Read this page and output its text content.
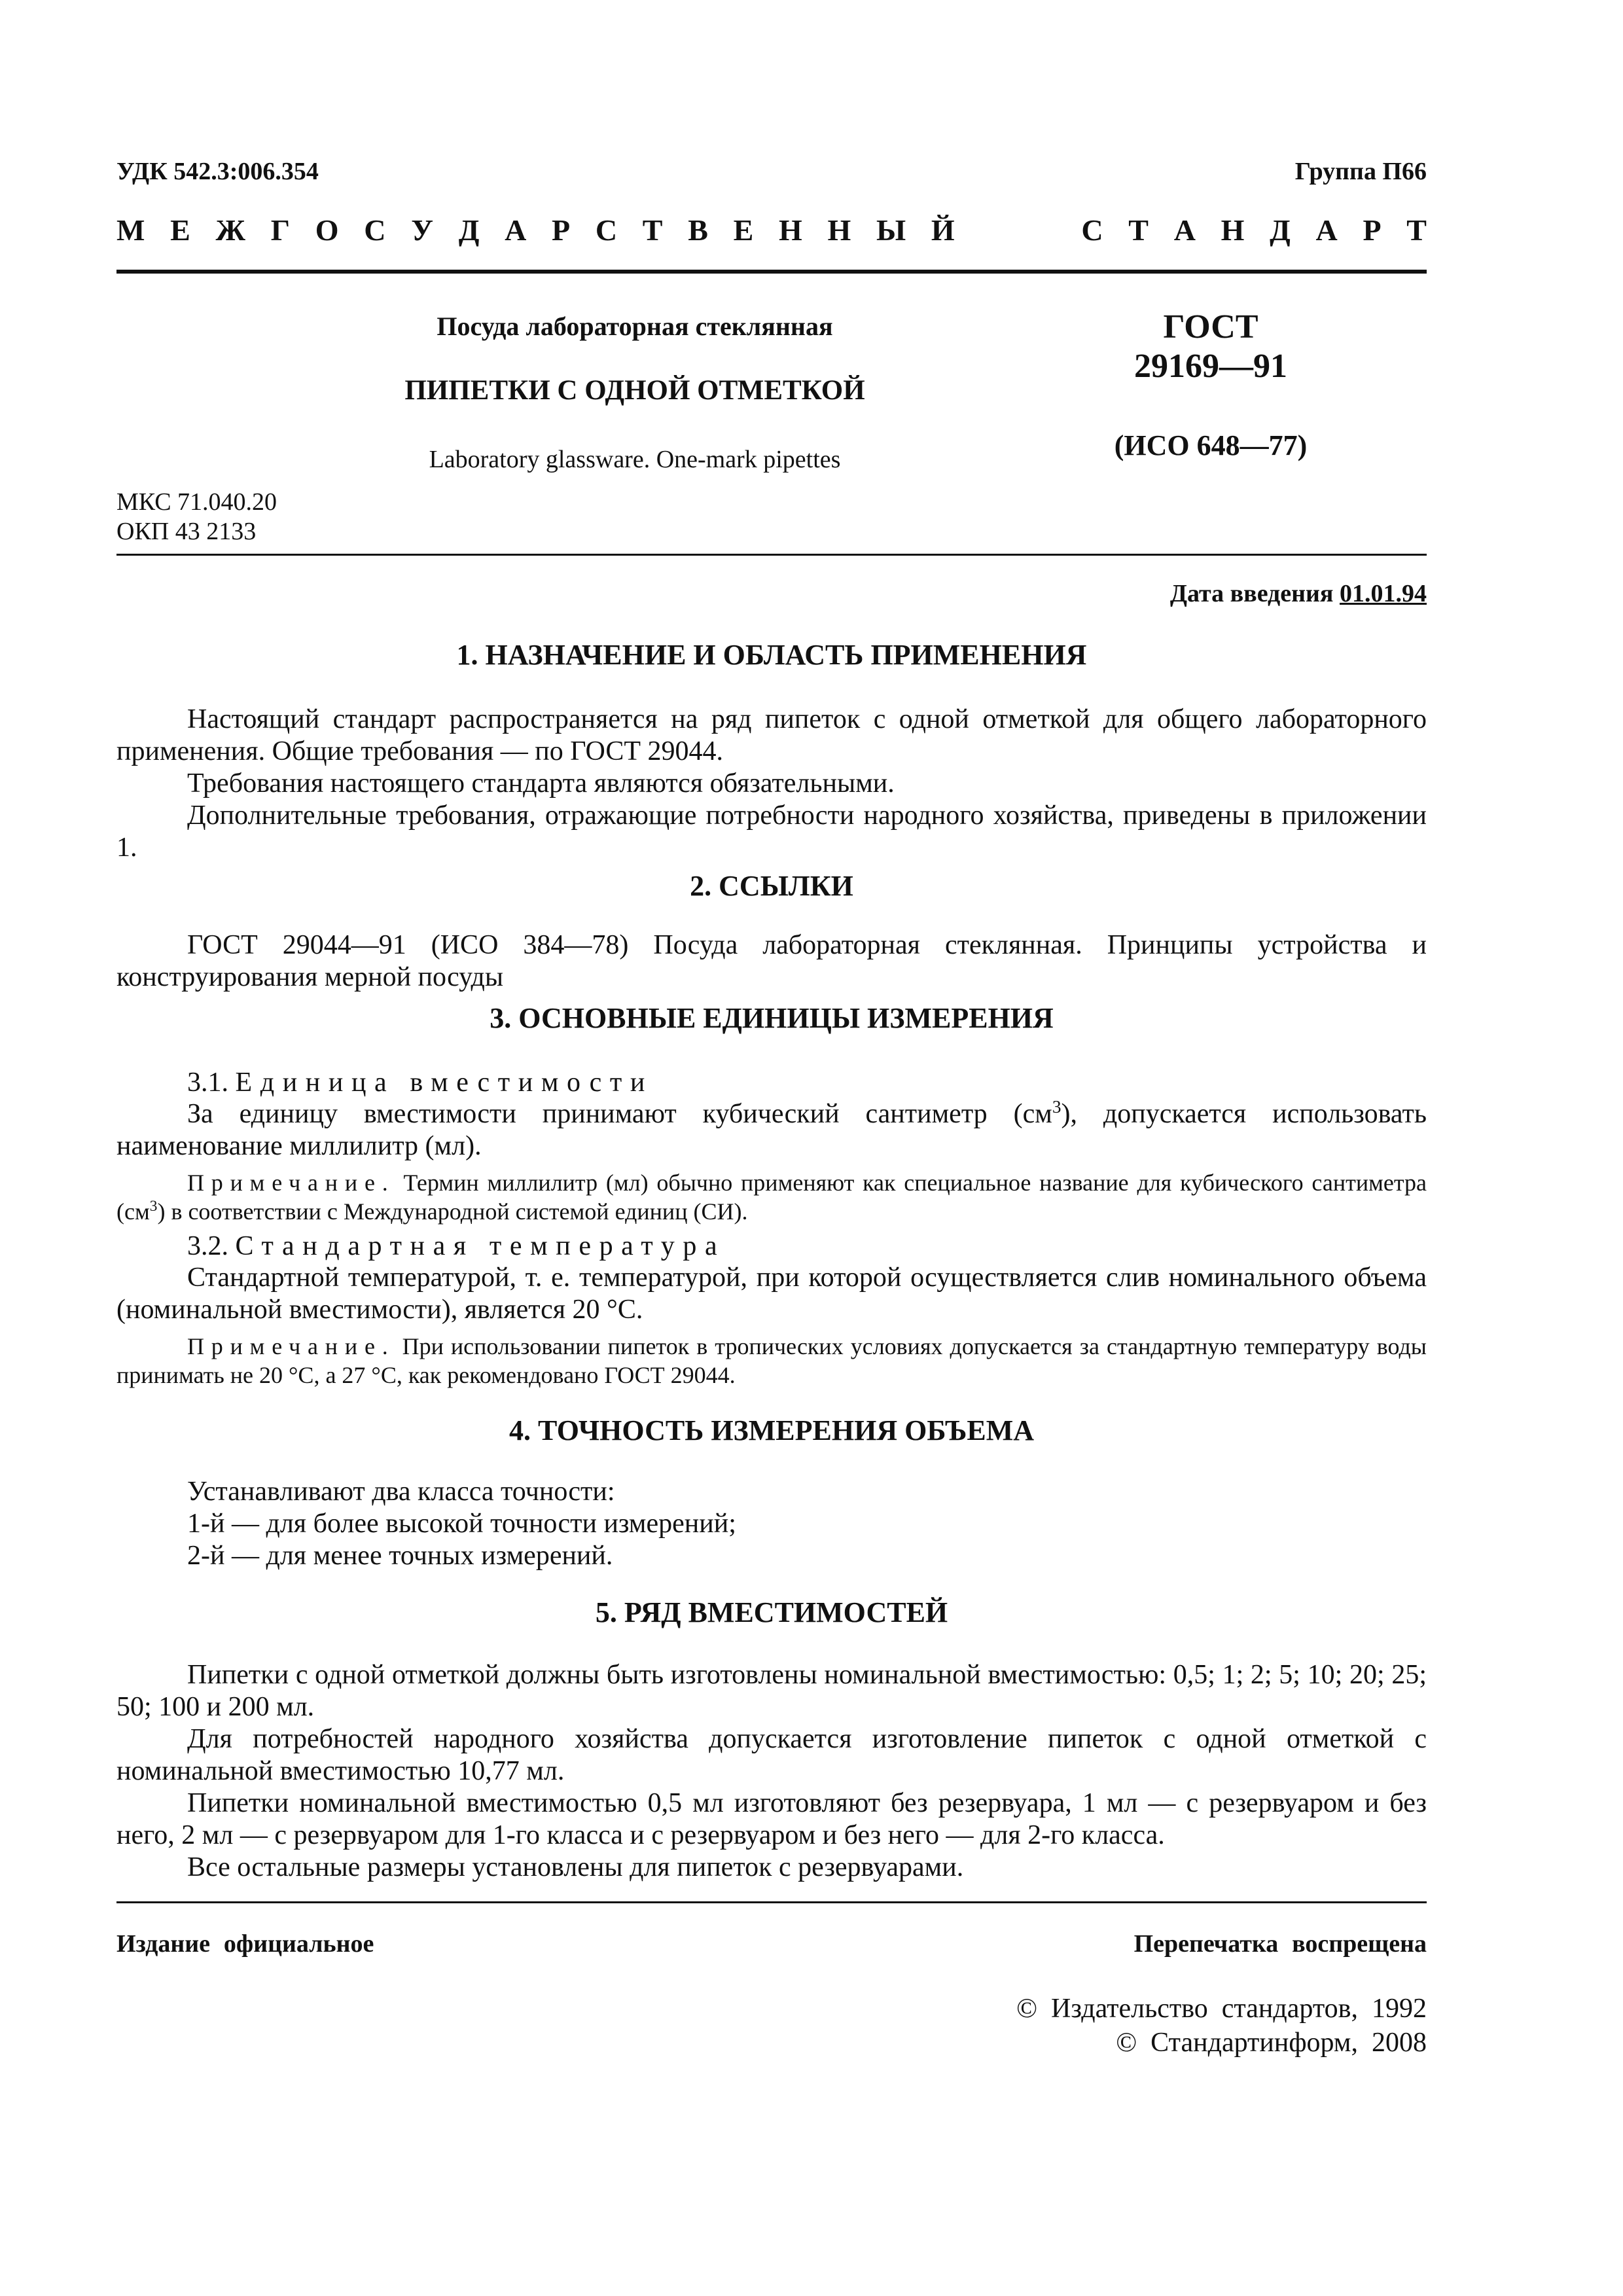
УДК 542.3:006.354	Группа П66
М Е Ж Г О С У Д А Р С Т В Е Н Н Ы Й     С Т А Н Д А Р Т
Посуда лабораторная стеклянная
ПИПЕТКИ С ОДНОЙ ОТМЕТКОЙ
Laboratory glassware. One-mark pipettes
ГОСТ
29169—91
(ИСО 648—77)
МКС 71.040.20
ОКП 43 2133
Дата введения 01.01.94
1. НАЗНАЧЕНИЕ И ОБЛАСТЬ ПРИМЕНЕНИЯ
Настоящий стандарт распространяется на ряд пипеток с одной отметкой для общего лабораторного применения. Общие требования — по ГОСТ 29044.
Требования настоящего стандарта являются обязательными.
Дополнительные требования, отражающие потребности народного хозяйства, приведены в приложении 1.
2. ССЫЛКИ
ГОСТ 29044—91 (ИСО 384—78) Посуда лабораторная стеклянная. Принципы устройства и конструирования мерной посуды
3. ОСНОВНЫЕ ЕДИНИЦЫ ИЗМЕРЕНИЯ
3.1. Единица вместимости
За единицу вместимости принимают кубический сантиметр $(см^3)$, допускается использовать наименование миллилитр (мл).
Примечание. Термин миллилитр (мл) обычно применяют как специальное название для кубического сантиметра $(см^3)$ в соответствии с Международной системой единиц (СИ).
3.2. Стандартная температура
Стандартной температурой, т. е. температурой, при которой осуществляется слив номинального объема (номинальной вместимости), является 20 °С.
Примечание. При использовании пипеток в тропических условиях допускается за стандартную температуру воды принимать не 20 °С, а 27 °С, как рекомендовано ГОСТ 29044.
4. ТОЧНОСТЬ ИЗМЕРЕНИЯ ОБЪЕМА
Устанавливают два класса точности:
1-й — для более высокой точности измерений;
2-й — для менее точных измерений.
5. РЯД ВМЕСТИМОСТЕЙ
Пипетки с одной отметкой должны быть изготовлены номинальной вместимостью: 0,5; 1; 2; 5; 10; 20; 25; 50; 100 и 200 мл.
Для потребностей народного хозяйства допускается изготовление пипеток с одной отметкой с номинальной вместимостью 10,77 мл.
Пипетки номинальной вместимостью 0,5 мл изготовляют без резервуара, 1 мл — с резервуаром и без него, 2 мл — с резервуаром для 1-го класса и с резервуаром и без него — для 2-го класса.
Все остальные размеры установлены для пипеток с резервуарами.
Издание официальное	Перепечатка воспрещена
© Издательство стандартов, 1992
© Стандартинформ, 2008
